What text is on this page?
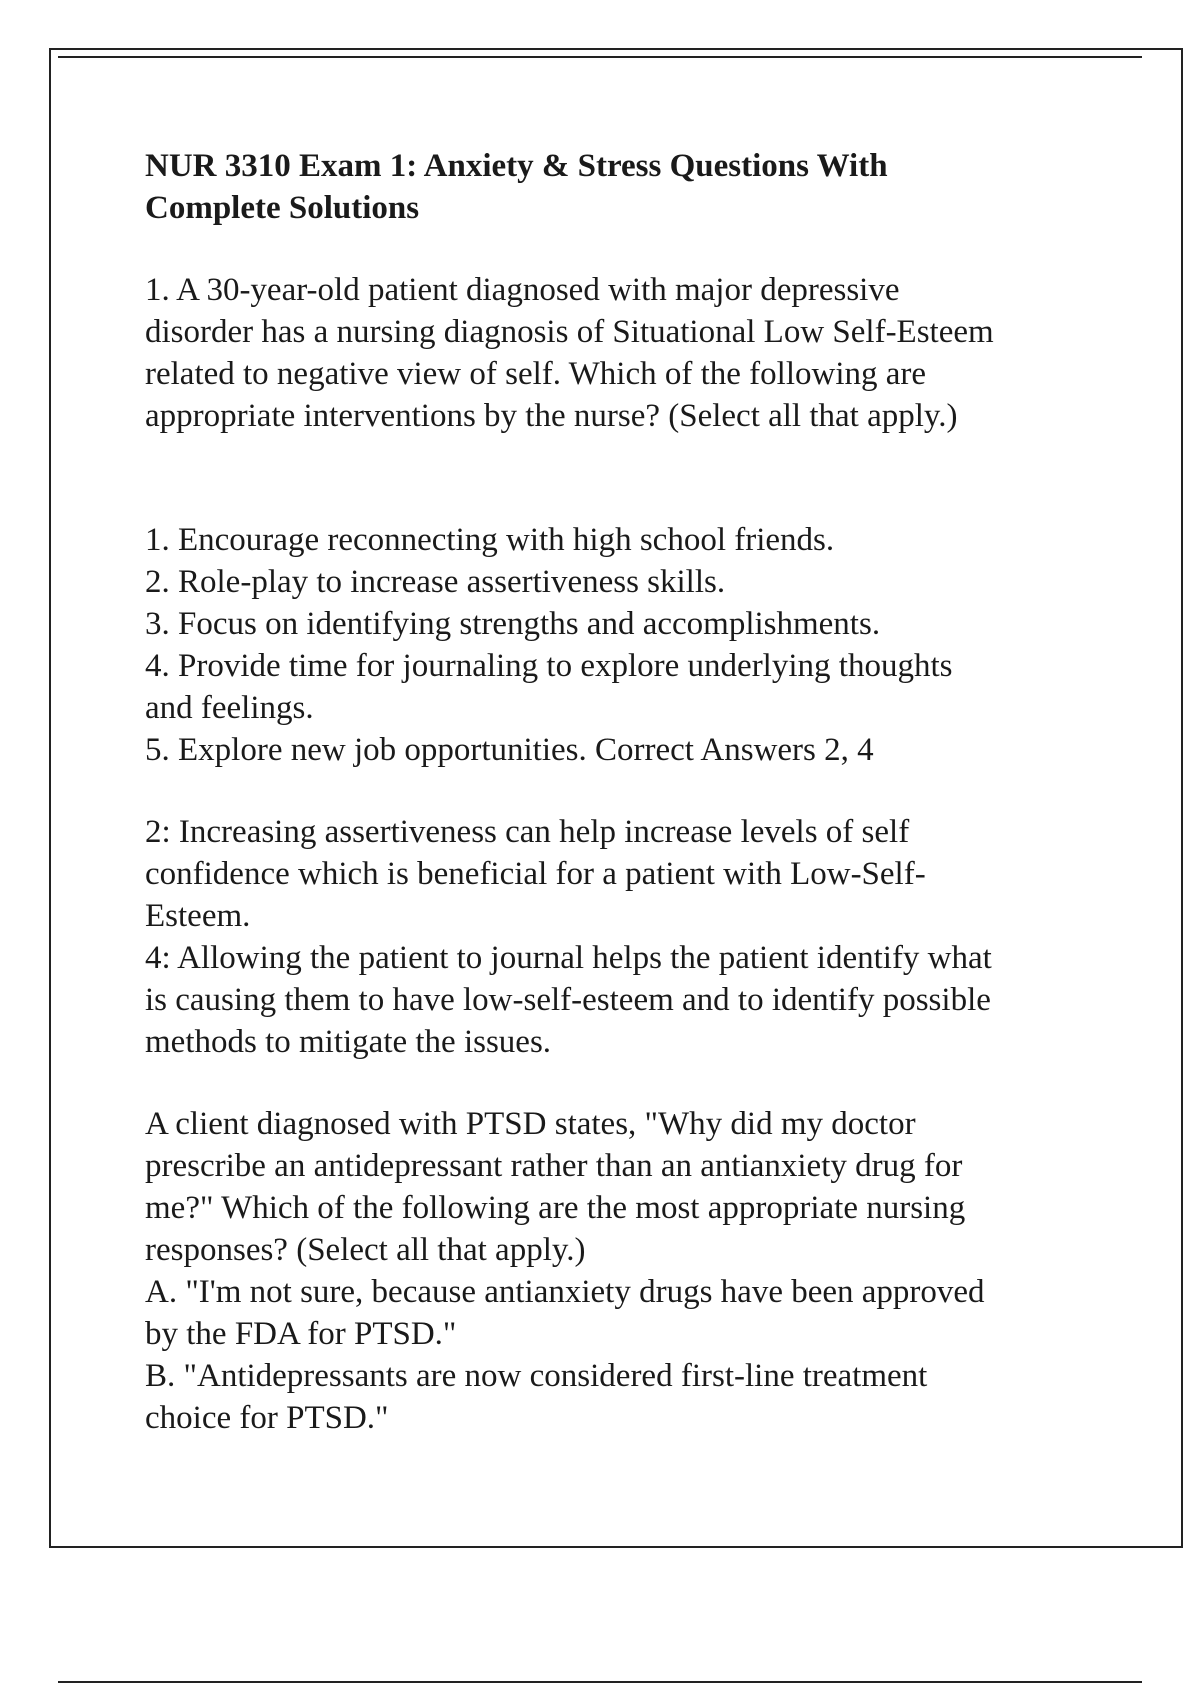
NUR 3310 Exam 1: Anxiety & Stress Questions With Complete Solutions
1. A 30-year-old patient diagnosed with major depressive
disorder has a nursing diagnosis of Situational Low Self-Esteem
related to negative view of self. Which of the following are
appropriate interventions by the nurse? (Select all that apply.)
1. Encourage reconnecting with high school friends.
2. Role-play to increase assertiveness skills.
3. Focus on identifying strengths and accomplishments.
4. Provide time for journaling to explore underlying thoughts
and feelings.
5. Explore new job opportunities. Correct Answers 2, 4
2: Increasing assertiveness can help increase levels of self
confidence which is beneficial for a patient with Low-Self-
Esteem.
4: Allowing the patient to journal helps the patient identify what
is causing them to have low-self-esteem and to identify possible
methods to mitigate the issues.
A client diagnosed with PTSD states, "Why did my doctor
prescribe an antidepressant rather than an antianxiety drug for
me?" Which of the following are the most appropriate nursing
responses? (Select all that apply.)
A. "I'm not sure, because antianxiety drugs have been approved
by the FDA for PTSD."
B. "Antidepressants are now considered first-line treatment
choice for PTSD."
